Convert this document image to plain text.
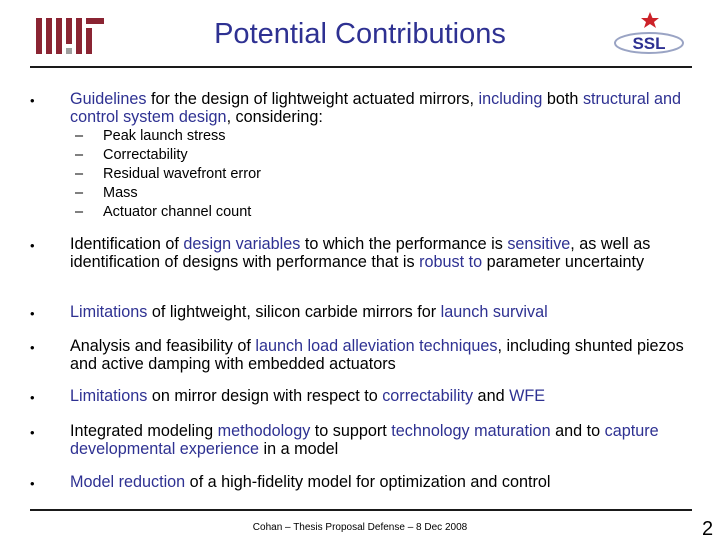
Potential Contributions	SSL
• Guidelines for the design of lightweight actuated mirrors, including both structural and control system design, considering:
– Peak launch stress
– Correctability
– Residual wavefront error
– Mass
– Actuator channel count
• Identification of design variables to which the performance is sensitive, as well as identification of designs with performance that is robust to parameter uncertainty
• Limitations of lightweight, silicon carbide mirrors for launch survival
• Analysis and feasibility of launch load alleviation techniques, including shunted piezos and active damping with embedded actuators
• Limitations on mirror design with respect to correctability and WFE
• Integrated modeling methodology to support technology maturation and to capture developmental experience in a model
• Model reduction of a high-fidelity model for optimization and control
Cohan – Thesis Proposal Defense – 8 Dec 2008	2
